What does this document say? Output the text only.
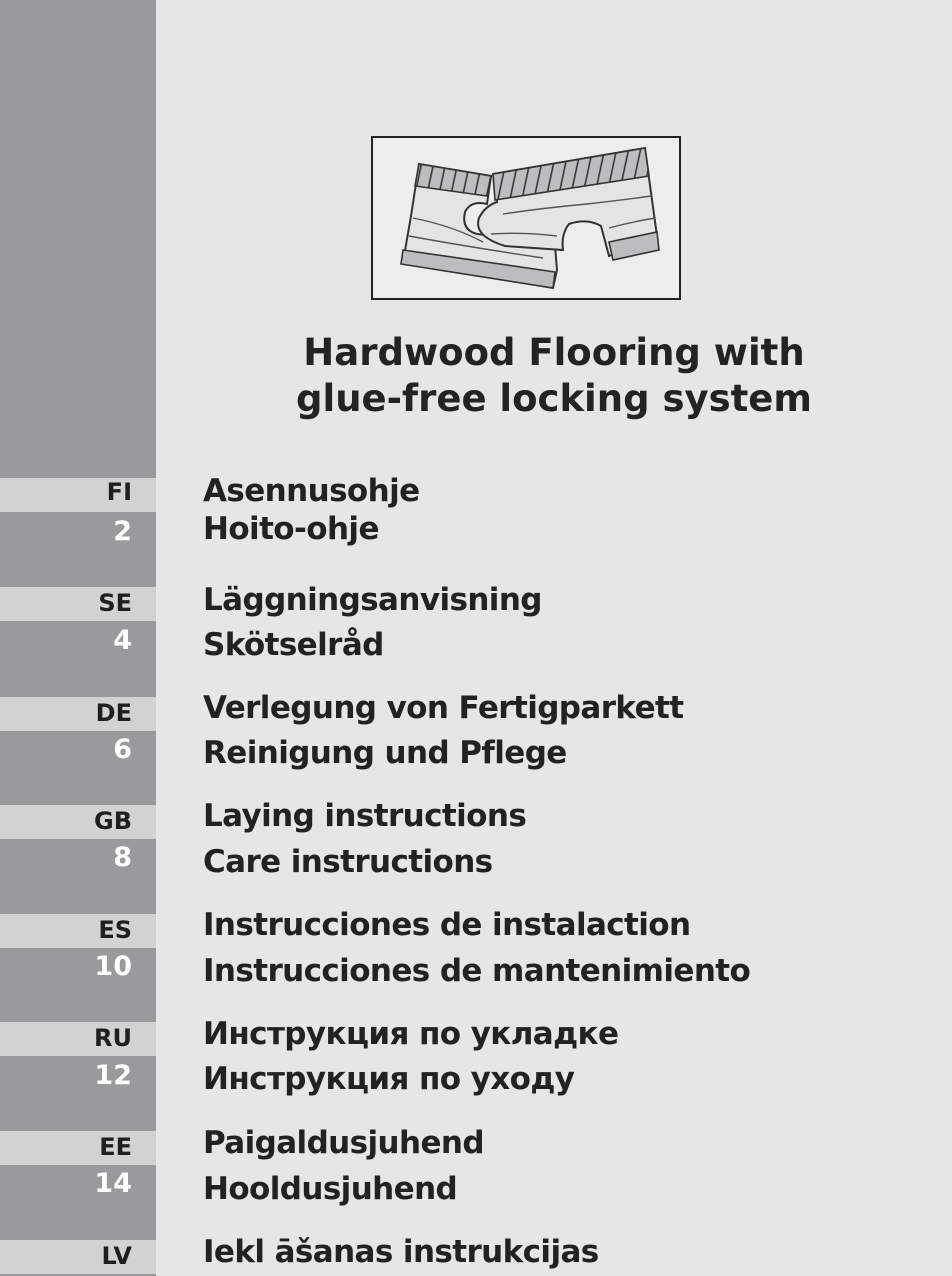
FI
2
SE
4
DE
6
GB
8
ES
10
RU
12
EE
14
LV
Hardwood Flooring with
glue-free locking system
Asennusohje
Hoito-ohje
Läggningsanvisning
Skötselråd
Verlegung von Fertigparkett
Reinigung und Pflege
Laying instructions
Care instructions
Instrucciones de instalaction
Instrucciones de mantenimiento
Инструкция по укладке
Инструкция по уходу
Paigaldusjuhend
Hooldusjuhend
Iekl āšanas instrukcijas
